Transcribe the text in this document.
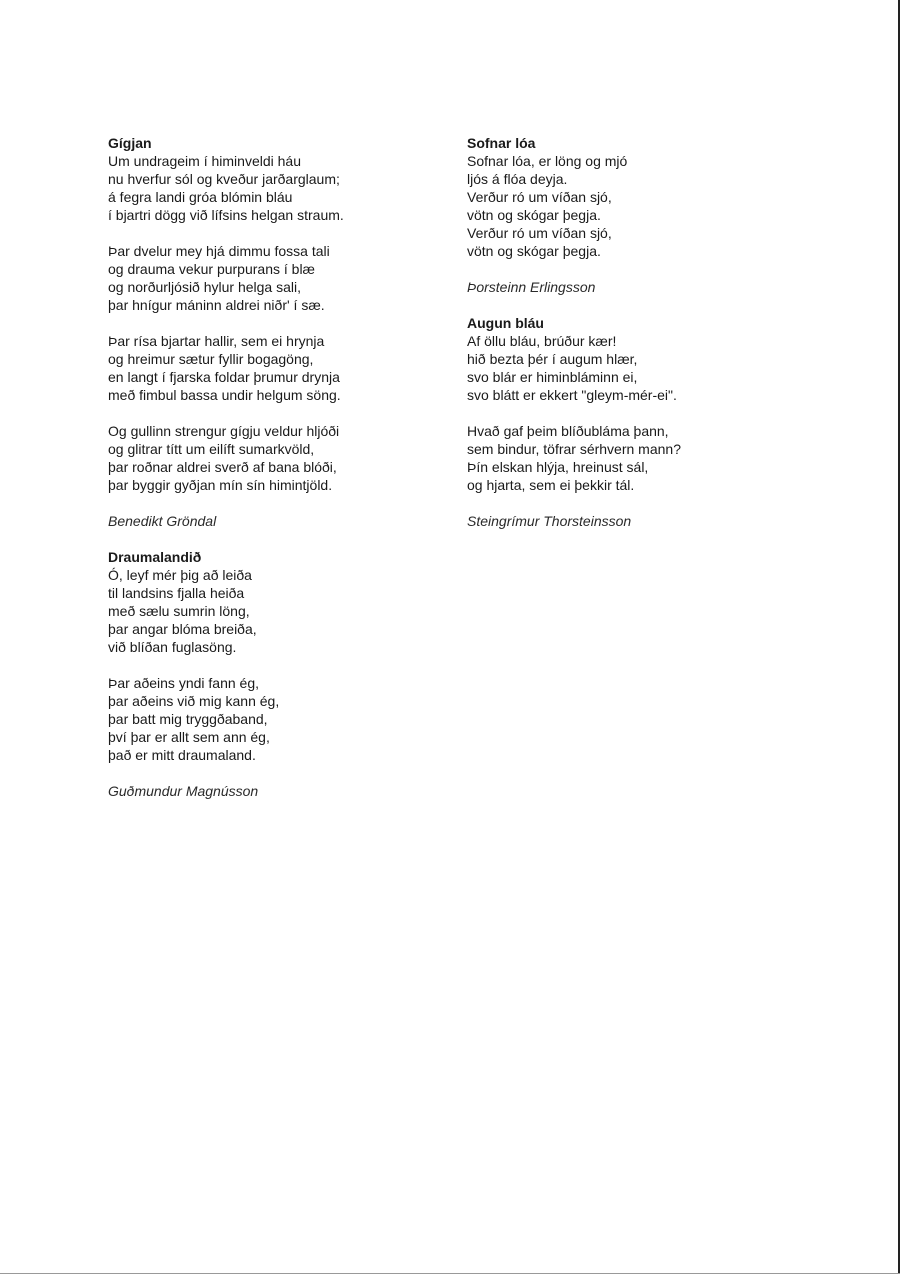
Gígjan

Um undrageim í himinveldi háu

nu hverfur sól og kveður jarðarglaum;

á fegra landi gróa blómin bláu

í bjartri dögg við lífsins helgan straum.

Þar dvelur mey hjá dimmu fossa tali

og drauma vekur purpurans í blæ

og norðurljósið hylur helga sali,

þar hnígur máninn aldrei niðr' í sæ.

Þar rísa bjartar hallir, sem ei hrynja

og hreimur sætur fyllir bogagöng,

en langt í fjarska foldar þrumur drynja

með fimbul bassa undir helgum söng.

Og gullinn strengur gígju veldur hljóði

og glitrar títt um eilíft sumarkvöld,

þar roðnar aldrei sverð af bana blóði,

þar byggir gyðjan mín sín himintjöld.

Benedikt Gröndal

Draumalandið

Ó, leyf mér þig að leiða

til landsins fjalla heiða

með sælu sumrin löng,

þar angar blóma breiða,

við blíðan fuglasöng.

Þar aðeins yndi fann ég,

þar aðeins við mig kann ég,

þar batt mig tryggðaband,

því þar er allt sem ann ég,

það er mitt draumaland.

Guðmundur Magnússon

Sofnar lóa

Sofnar lóa, er löng og mjó

ljós á flóa deyja.

Verður ró um víðan sjó,

vötn og skógar þegja.

Verður ró um víðan sjó,

vötn og skógar þegja.

Þorsteinn Erlingsson

Augun bláu

Af öllu bláu, brúður kær!

hið bezta þér í augum hlær,

svo blár er himinbláminn ei,

svo blátt er ekkert "gleym-mér-ei".

Hvað gaf þeim blíðubláma þann,

sem bindur, töfrar sérhvern mann?

Þín elskan hlýja, hreinust sál,

og hjarta, sem ei þekkir tál.

Steingrímur Thorsteinsson
